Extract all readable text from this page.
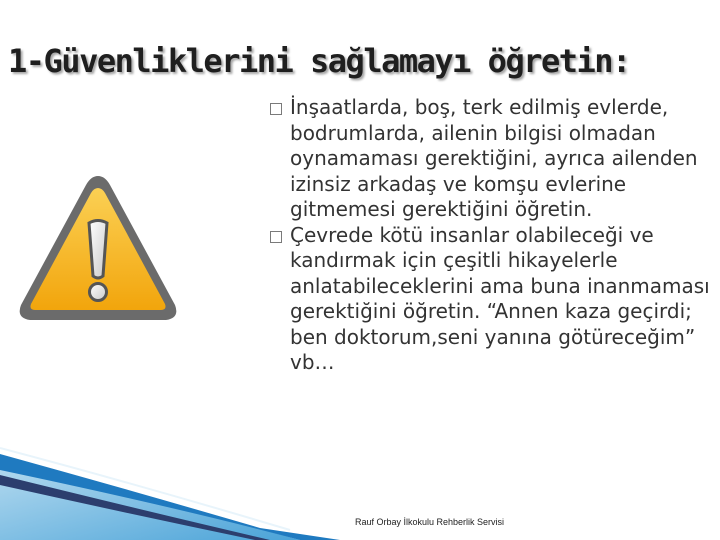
1-Güvenliklerini sağlamayı öğretin:
İnşaatlarda, boş, terk edilmiş evlerde, bodrumlarda, ailenin bilgisi olmadan oynamaması gerektiğini, ayrıca ailenden izinsiz arkadaş ve komşu evlerine gitmemesi gerektiğini öğretin.
Çevrede kötü insanlar olabileceği ve kandırmak için çeşitli hikayelerle anlatabileceklerini ama buna inanmaması gerektiğini öğretin. “Annen kaza geçirdi; ben doktorum,seni yanına götüreceğim” vb…
Rauf Orbay İlkokulu Rehberlik Servisi
